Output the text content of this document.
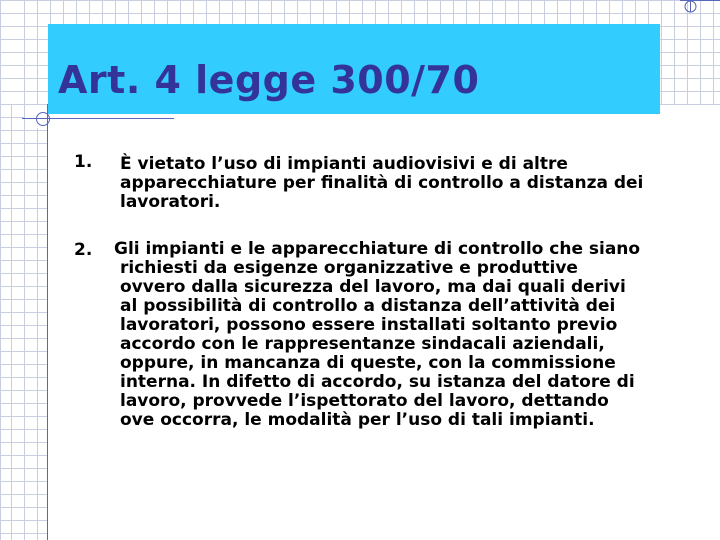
Art. 4 legge 300/70
1. È vietato l’uso di impianti audiovisivi e di altre
apparecchiature per finalità di controllo a distanza dei
lavoratori.
2. Gli impianti e le apparecchiature di controllo che siano
richiesti da esigenze organizzative e produttive
ovvero dalla sicurezza del lavoro, ma dai quali derivi
al possibilità di controllo a distanza dell’attività dei
lavoratori, possono essere installati soltanto previo
accordo con le rappresentanze sindacali aziendali,
oppure, in mancanza di queste, con la commissione
interna. In difetto di accordo, su istanza del datore di
lavoro, provvede l’ispettorato del lavoro, dettando
ove occorra, le modalità per l’uso di tali impianti.
